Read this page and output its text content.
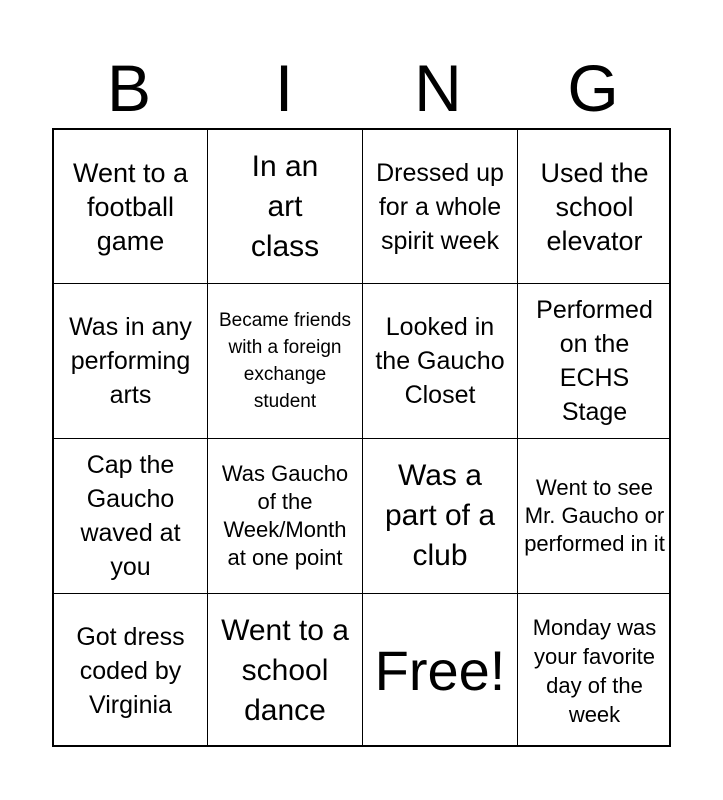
B	I	N	G
Went to a football game
In an art class
Dressed up for a whole spirit week
Used the school elevator
Was in any performing arts
Became friends with a foreign exchange student
Looked in the Gaucho Closet
Performed on the ECHS Stage
Cap the Gaucho waved at you
Was Gaucho of the Week/Month at one point
Was a part of a club
Went to see Mr. Gaucho or performed in it
Got dress coded by Virginia
Went to a school dance
Free!
Monday was your favorite day of the week
